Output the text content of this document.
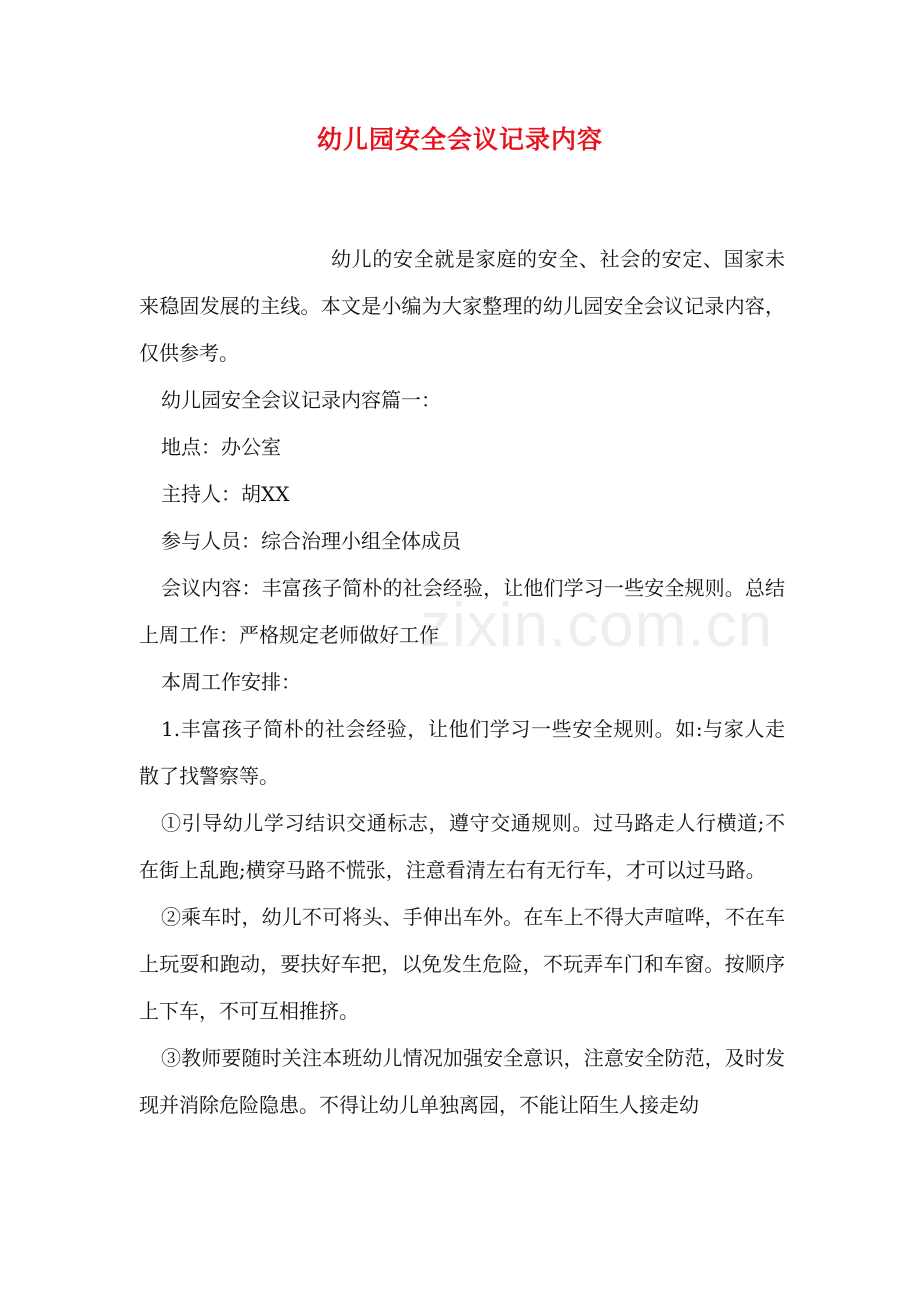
幼儿园安全会议记录内容

幼儿的安全就是家庭的安全、社会的安定、国家未来稳固发展的主线。本文是小编为大家整理的幼儿园安全会议记录内容，仅供参考。

幼儿园安全会议记录内容篇一：

地点：办公室

主持人：胡XX

参与人员：综合治理小组全体成员

会议内容：丰富孩子简朴的社会经验，让他们学习一些安全规则。总结上周工作：严格规定老师做好工作

本周工作安排：

1.丰富孩子简朴的社会经验，让他们学习一些安全规则。如:与家人走散了找警察等。

①引导幼儿学习结识交通标志，遵守交通规则。过马路走人行横道;不在街上乱跑;横穿马路不慌张，注意看清左右有无行车，才可以过马路。

②乘车时，幼儿不可将头、手伸出车外。在车上不得大声喧哗，不在车上玩耍和跑动，要扶好车把，以免发生危险，不玩弄车门和车窗。按顺序上下车，不可互相推挤。

③教师要随时关注本班幼儿情况加强安全意识，注意安全防范，及时发现并消除危险隐患。不得让幼儿单独离园，不能让陌生人接走幼

zixin.com.cn
